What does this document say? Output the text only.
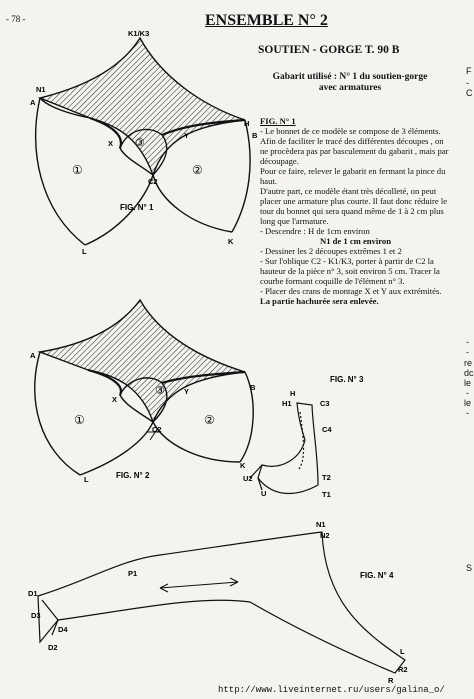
- 78 -	ENSEMBLE N° 2
SOUTIEN - GORGE T. 90 B
Gabarit utilisé : N° 1 du soutien-gorge
avec armatures

FIG. N° 1

- Le bonnet de ce modèle se compose de 3 éléments.

Afin de faciliter le tracé des différentes découpes , on

ne procèdera pas par basculement du gabarit , mais par

découpage.

Pour ce faire, relever le gabarit en fermant la pince du

haut.

D'autre part, ce modèle étant très décolleté, on peut

placer une armature plus courte. Il faut donc réduire le

tour du bonnet qui sera quand même de 1 à 2 cm plus

long que l'armature.

- Descendre : H de 1cm environ

N1 de 1 cm environ

- Dessiner les 2 découpes extrêmes 1 et 2

- Sur l'oblique C2 - K1/K3, porter à partir de C2 la

hauteur de la pièce n° 3, soit environ 5 cm. Tracer la

courbe formant coquille de l'élément n° 3.

- Placer des crans de montage X et Y aux extrémités.

La partie hachurée sera enlevée.

K1/K3
N1
A
H
B
X
Y
C2
L
K
①	②
③
FIG. N° 1
A
B
X
Y
C2
L
K
①	②
③
FIG. N° 2
FIG. N° 3
H
H1	C3
C4
T2
T1
U2
U
N1
N2
P1	FIG. N° 4
D1
D3
D4
D2	L
R2
R
F
-
C
-
-
re
dc
le
-
le
-
S
http://www.liveinternet.ru/users/galina_o/
